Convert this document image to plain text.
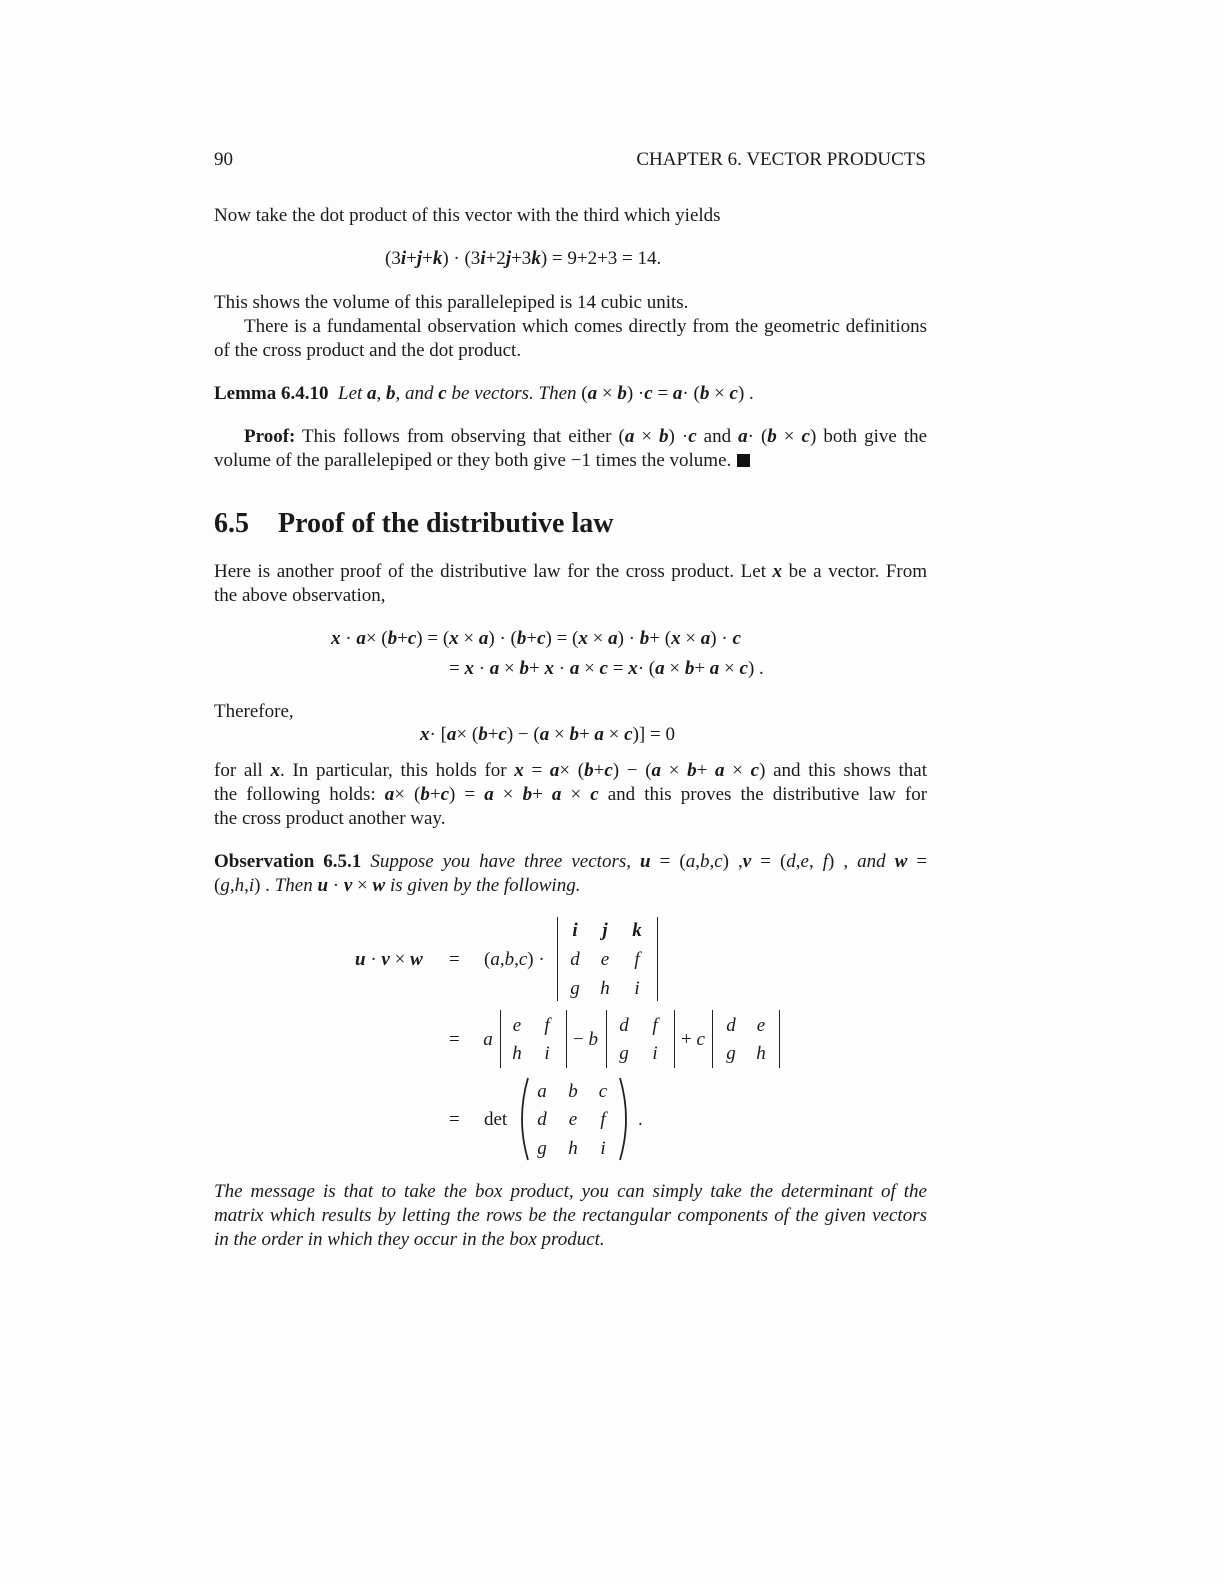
90	CHAPTER 6. VECTOR PRODUCTS
Now take the dot product of this vector with the third which yields
(3i+j+k) · (3i+2j+3k) = 9+2+3 = 14.
This shows the volume of this parallelepiped is 14 cubic units.
There is a fundamental observation which comes directly from the geometric definitions
of the cross product and the dot product.
Lemma 6.4.10 Let a, b, and c be vectors. Then (a × b) ·c = a· (b × c) .
Proof: This follows from observing that either (a × b) ·c and a· (b × c) both give the
volume of the parallelepiped or they both give −1 times the volume.
6.5 Proof of the distributive law
Here is another proof of the distributive law for the cross product. Let x be a vector. From
the above observation,
x · a× (b+c) = (x × a) · (b+c) = (x × a) · b+ (x × a) · c
= x · a × b+ x · a × c = x· (a × b+ a × c) .
Therefore,
x· [a× (b+c) − (a × b+ a × c)] = 0
for all x. In particular, this holds for x = a× (b+c) − (a × b+ a × c) and this shows that
the following holds: a× (b+c) = a × b+ a × c and this proves the distributive law for
the cross product another way.
Observation 6.5.1 Suppose you have three vectors, u = (a,b,c) ,v = (d,e, f) , and w =
(g,h,i) . Then u · v × w is given by the following.
u · v × w = (a,b,c) ·
i	j	k
d	e	f
g h	i
= a
e	f
h	i
− b
d	f
g	i
+ c
d	e
g h
= det
a b	c
d	e	f
g h	i
.
The message is that to take the box product, you can simply take the determinant of the
matrix which results by letting the rows be the rectangular components of the given vectors
in the order in which they occur in the box product.
